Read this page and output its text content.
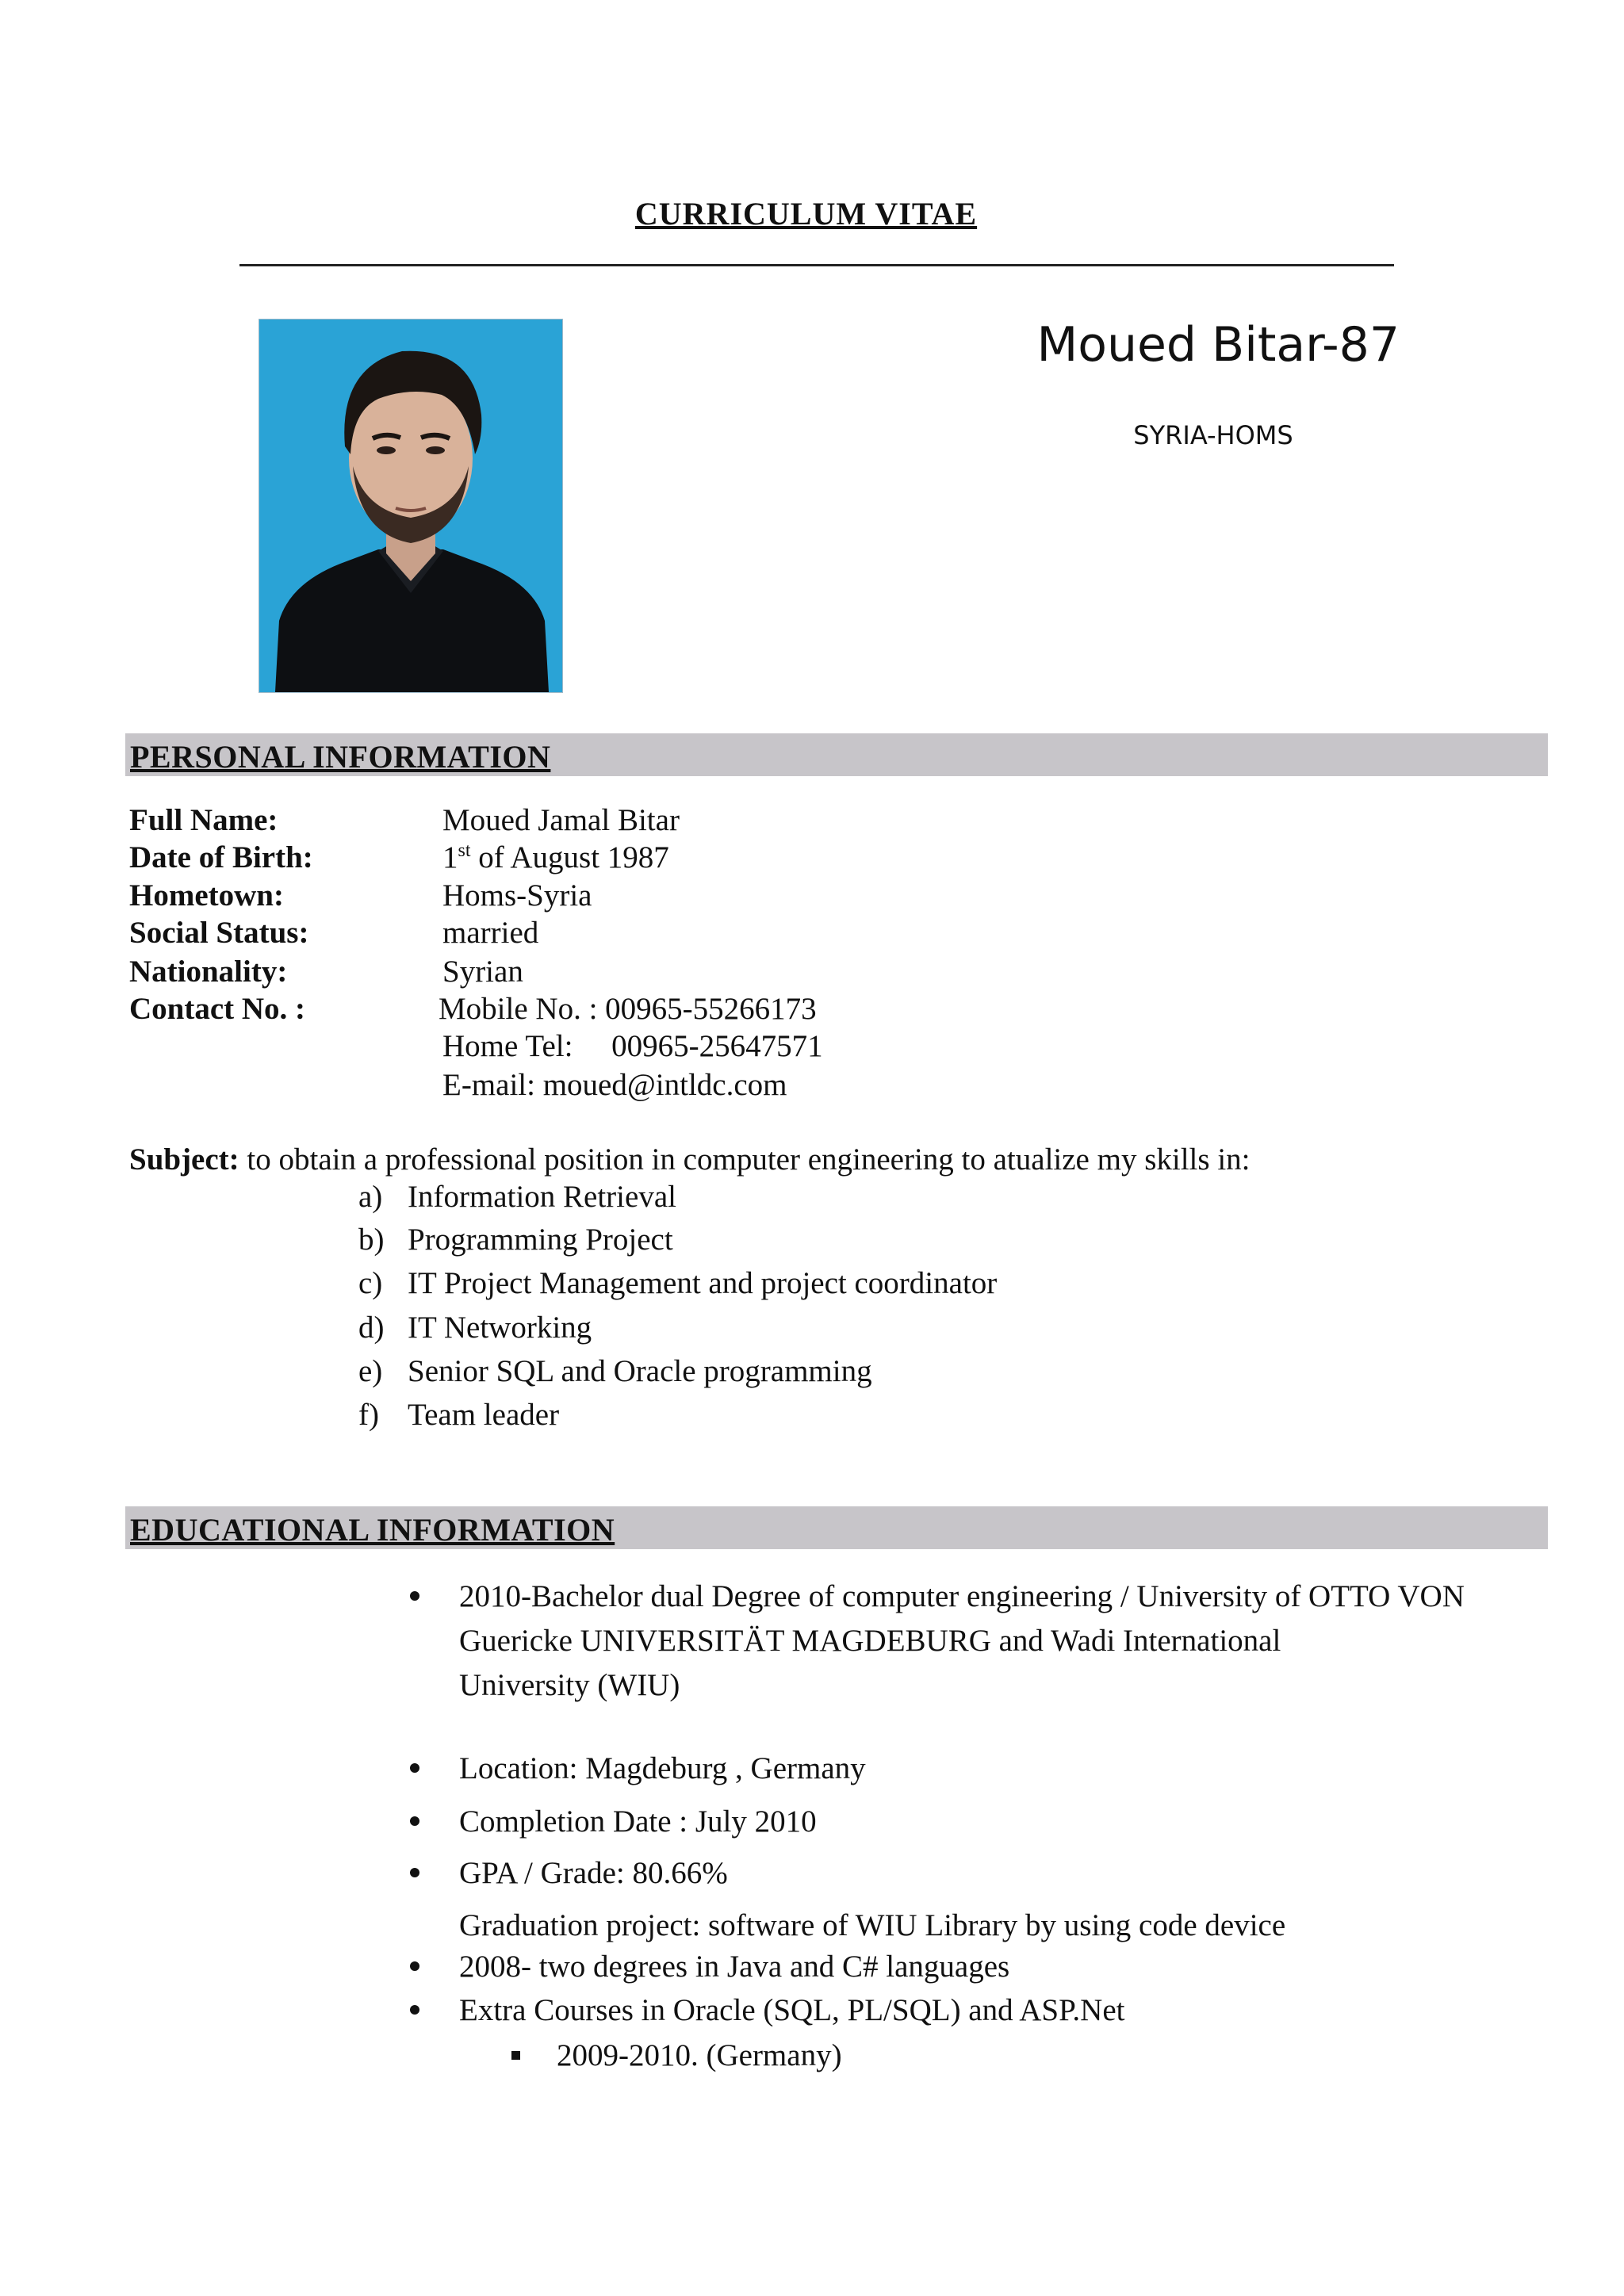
CURRICULUM VITAE
Moued Bitar-87
SYRIA-HOMS
PERSONAL INFORMATION
Full Name:	Moued Jamal Bitar
Date of Birth:	1st of August 1987
Hometown:	Homs-Syria
Social Status:	married
Nationality:	Syrian
Contact No. :	Mobile No. : 00965-55266173
Home Tel:     00965-25647571
E-mail: moued@intldc.com
Subject: to obtain a professional position in computer engineering to atualize my skills in:
a) Information Retrieval
b) Programming Project
c) IT Project Management and project coordinator
d) IT Networking
e) Senior SQL and Oracle programming
f) Team leader
EDUCATIONAL INFORMATION
2010-Bachelor dual Degree of computer engineering / University of OTTO VON
Guericke UNIVERSITÄT MAGDEBURG and Wadi International
University (WIU)
Location: Magdeburg , Germany
Completion Date : July 2010
GPA / Grade: 80.66%
Graduation project: software of WIU Library by using code device
2008- two degrees in Java and C# languages
Extra Courses in Oracle (SQL, PL/SQL) and ASP.Net
2009-2010. (Germany)
